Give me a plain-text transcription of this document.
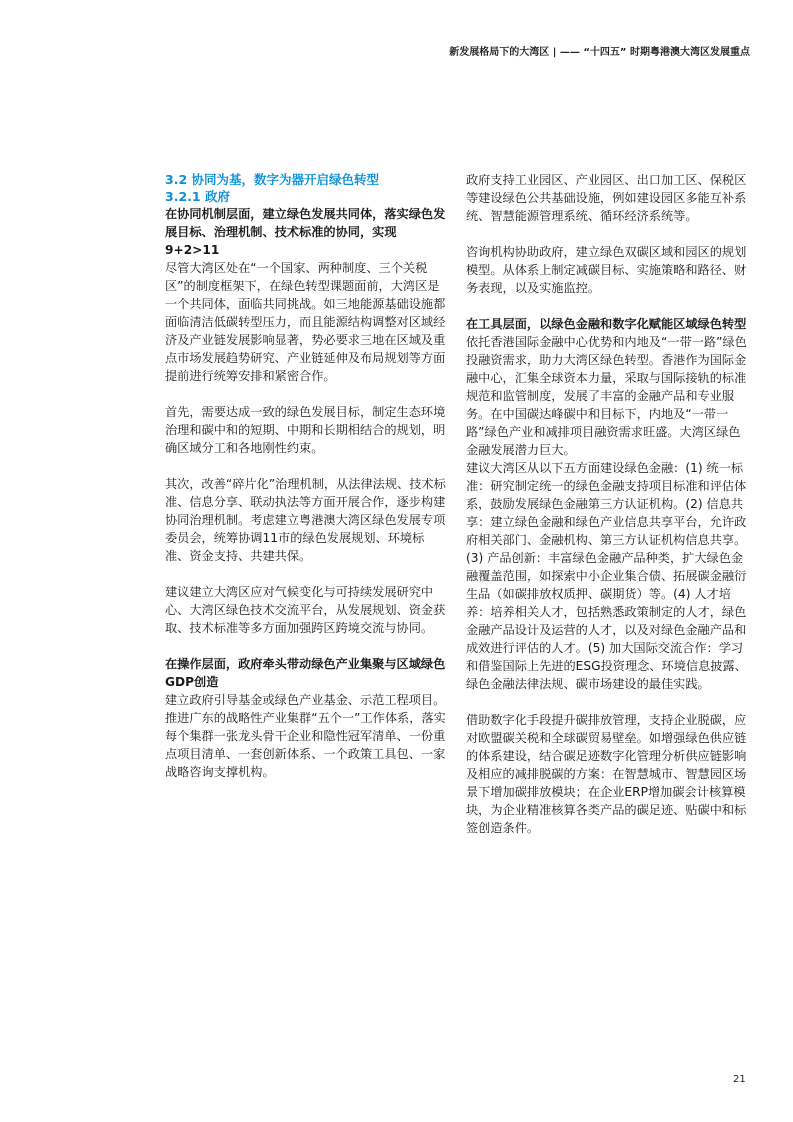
新发展格局下的大湾区 | —— “十四五” 时期粤港澳大湾区发展重点
3.2 协同为基，数字为器开启绿色转型
3.2.1 政府

在协同机制层面，建立绿色发展共同体，落实绿色发展目标、治理机制、技术标准的协同，实现9+2>11

尽管大湾区处在“一个国家、两种制度、三个关税区”的制度框架下，在绿色转型课题面前，大湾区是一个共同体，面临共同挑战。如三地能源基础设施都面临清洁低碳转型压力，而且能源结构调整对区域经济及产业链发展影响显著，势必要求三地在区域及重点市场发展趋势研究、产业链延伸及布局规划等方面提前进行统筹安排和紧密合作。

首先，需要达成一致的绿色发展目标，制定生态环境治理和碳中和的短期、中期和长期相结合的规划，明确区域分工和各地刚性约束。

其次，改善“碎片化”治理机制，从法律法规、技术标准、信息分享、联动执法等方面开展合作，逐步构建协同治理机制。考虑建立粤港澳大湾区绿色发展专项委员会，统筹协调11市的绿色发展规划、环境标准、资金支持、共建共保。

建议建立大湾区应对气候变化与可持续发展研究中心、大湾区绿色技术交流平台，从发展规划、资金获取、技术标准等多方面加强跨区跨境交流与协同。

在操作层面，政府牵头带动绿色产业集聚与区域绿色GDP创造

建立政府引导基金或绿色产业基金、示范工程项目。推进广东的战略性产业集群“五个一”工作体系，落实每个集群一张龙头骨干企业和隐性冠军清单、一份重点项目清单、一套创新体系、一个政策工具包、一家战略咨询支撑机构。

政府支持工业园区、产业园区、出口加工区、保税区等建设绿色公共基础设施，例如建设园区多能互补系统、智慧能源管理系统、循环经济系统等。

咨询机构协助政府，建立绿色双碳区域和园区的规划模型。从体系上制定减碳目标、实施策略和路径、财务表现，以及实施监控。

在工具层面，以绿色金融和数字化赋能区域绿色转型

依托香港国际金融中心优势和内地及“一带一路”绿色投融资需求，助力大湾区绿色转型。香港作为国际金融中心，汇集全球资本力量，采取与国际接轨的标准规范和监管制度，发展了丰富的金融产品和专业服务。在中国碳达峰碳中和目标下，内地及“一带一路”绿色产业和减排项目融资需求旺盛。大湾区绿色金融发展潜力巨大。

建议大湾区从以下五方面建设绿色金融：(1) 统一标准：研究制定统一的绿色金融支持项目标准和评估体系，鼓励发展绿色金融第三方认证机构。(2) 信息共享：建立绿色金融和绿色产业信息共享平台，允许政府相关部门、金融机构、第三方认证机构信息共享。(3) 产品创新：丰富绿色金融产品种类，扩大绿色金融覆盖范围，如探索中小企业集合债、拓展碳金融衍生品（如碳排放权质押、碳期货）等。(4) 人才培养：培养相关人才，包括熟悉政策制定的人才，绿色金融产品设计及运营的人才，以及对绿色金融产品和成效进行评估的人才。(5) 加大国际交流合作：学习和借鉴国际上先进的ESG投资理念、环境信息披露、绿色金融法律法规、碳市场建设的最佳实践。

借助数字化手段提升碳排放管理，支持企业脱碳，应对欧盟碳关税和全球碳贸易壁垒。如增强绿色供应链的体系建设，结合碳足迹数字化管理分析供应链影响及相应的减排脱碳的方案：在智慧城市、智慧园区场景下增加碳排放模块；在企业ERP增加碳会计核算模块，为企业精准核算各类产品的碳足迹、贴碳中和标签创造条件。

21
